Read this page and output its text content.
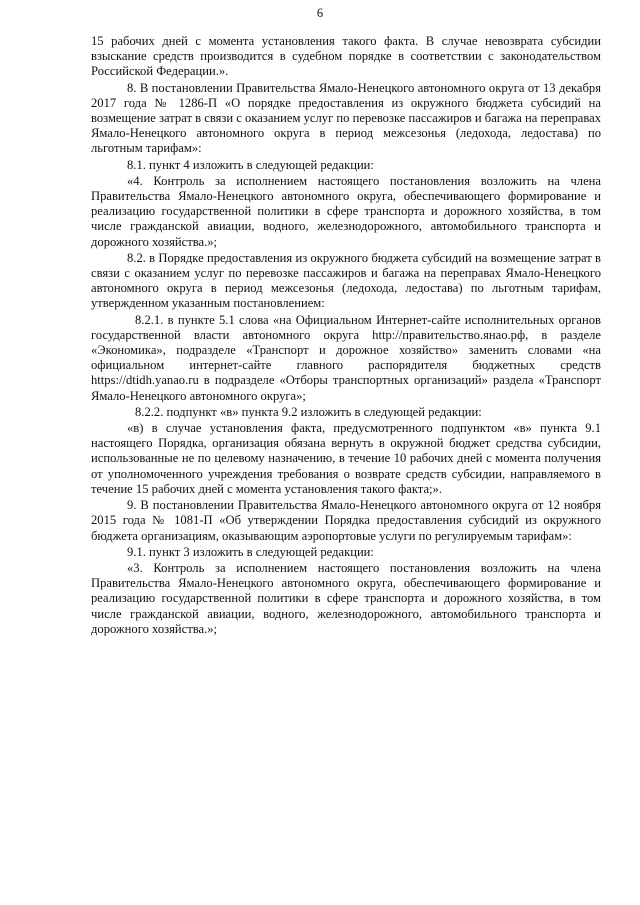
6

15 рабочих дней с момента установления такого факта. В случае невозврата субсидии взыскание средств производится в судебном порядке в соответствии с законодательством Российской Федерации.».

8. В постановлении Правительства Ямало-Ненецкого автономного округа от 13 декабря 2017 года № 1286-П «О порядке предоставления из окружного бюджета субсидий на возмещение затрат в связи с оказанием услуг по перевозке пассажиров и багажа на переправах Ямало-Ненецкого автономного округа в период межсезонья (ледохода, ледостава) по льготным тарифам»:

8.1. пункт 4 изложить в следующей редакции:

«4. Контроль за исполнением настоящего постановления возложить на члена Правительства Ямало-Ненецкого автономного округа, обеспечивающего формирование и реализацию государственной политики в сфере транспорта и дорожного хозяйства, в том числе гражданской авиации, водного, железнодорожного, автомобильного транспорта и дорожного хозяйства.»;

8.2. в Порядке предоставления из окружного бюджета субсидий на возмещение затрат в связи с оказанием услуг по перевозке пассажиров и багажа на переправах Ямало-Ненецкого автономного округа в период межсезонья (ледохода, ледостава) по льготным тарифам, утвержденном указанным постановлением:

8.2.1. в пункте 5.1 слова «на Официальном Интернет-сайте исполнительных органов государственной власти автономного округа http://правительство.янао.рф, в разделе «Экономика», подразделе «Транспорт и дорожное хозяйство» заменить словами «на официальном интернет-сайте главного распорядителя бюджетных средств https://dtidh.yanao.ru в подразделе «Отборы транспортных организаций» раздела «Транспорт Ямало-Ненецкого автономного округа»;

8.2.2. подпункт «в» пункта 9.2 изложить в следующей редакции:

«в) в случае установления факта, предусмотренного подпунктом «в» пункта 9.1 настоящего Порядка, организация обязана вернуть в окружной бюджет средства субсидии, использованные не по целевому назначению, в течение 10 рабочих дней с момента получения от уполномоченного учреждения требования о возврате средств субсидии, направляемого в течение 15 рабочих дней с момента установления такого факта;».

9. В постановлении Правительства Ямало-Ненецкого автономного округа от 12 ноября 2015 года № 1081-П «Об утверждении Порядка предоставления субсидий из окружного бюджета организациям, оказывающим аэропортовые услуги по регулируемым тарифам»:

9.1. пункт 3 изложить в следующей редакции:

«3. Контроль за исполнением настоящего постановления возложить на члена Правительства Ямало-Ненецкого автономного округа, обеспечивающего формирование и реализацию государственной политики в сфере транспорта и дорожного хозяйства, в том числе гражданской авиации, водного, железнодорожного, автомобильного транспорта и дорожного хозяйства.»;
